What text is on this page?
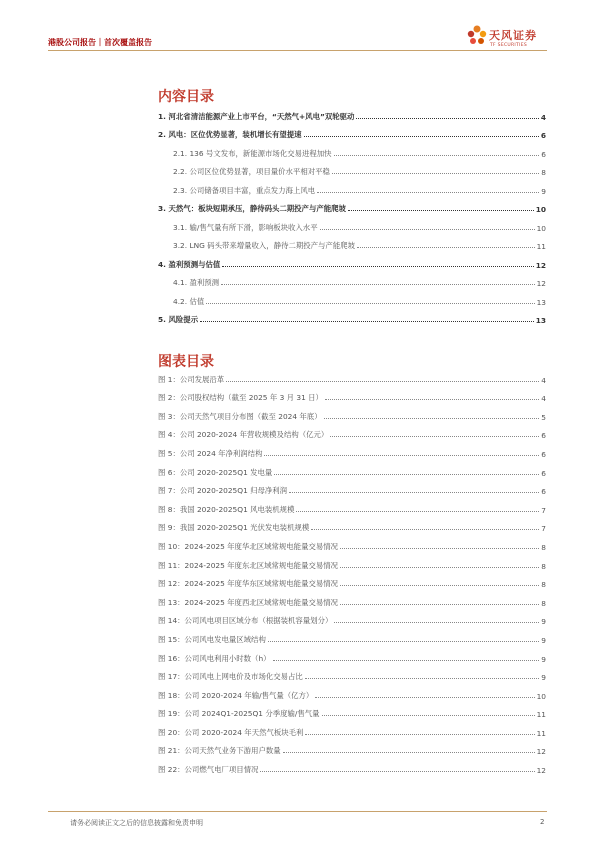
港股公司报告｜首次覆盖报告
天风证券
TF SECURITIES
内容目录
1. 河北省清洁能源产业上市平台，“天然气+风电”双轮驱动	4
2. 风电：区位优势显著，装机增长有望提速	6
2.1. 136 号文发布，新能源市场化交易进程加快	6
2.2. 公司区位优势显著，项目量价水平相对平稳	8
2.3. 公司储备项目丰富，重点发力海上风电	9
3. 天然气：板块短期承压，静待码头二期投产与产能爬坡	10
3.1. 输/售气量有所下滑，影响板块收入水平	10
3.2. LNG 码头带来增量收入，静待二期投产与产能爬坡	11
4. 盈利预测与估值	12
4.1. 盈利预测	12
4.2. 估值	13
5. 风险提示	13
图表目录
图 1：公司发展沿革	4
图 2：公司股权结构（截至 2025 年 3 月 31 日）	4
图 3：公司天然气项目分布图（截至 2024 年底）	5
图 4：公司 2020-2024 年营收规模及结构（亿元）	6
图 5：公司 2024 年净利润结构	6
图 6：公司 2020-2025Q1 发电量	6
图 7：公司 2020-2025Q1 归母净利润	6
图 8：我国 2020-2025Q1 风电装机规模	7
图 9：我国 2020-2025Q1 光伏发电装机规模	7
图 10：2024-2025 年度华北区域常规电能量交易情况	8
图 11：2024-2025 年度东北区域常规电能量交易情况	8
图 12：2024-2025 年度华东区域常规电能量交易情况	8
图 13：2024-2025 年度西北区域常规电能量交易情况	8
图 14：公司风电项目区域分布（根据装机容量划分）	9
图 15：公司风电发电量区域结构	9
图 16：公司风电利用小时数（h）	9
图 17：公司风电上网电价及市场化交易占比	9
图 18：公司 2020-2024 年输/售气量（亿方）	10
图 19：公司 2024Q1-2025Q1 分季度输/售气量	11
图 20：公司 2020-2024 年天然气板块毛利	11
图 21：公司天然气业务下游用户数量	12
图 22：公司燃气电厂项目情况	12
请务必阅读正文之后的信息披露和免责申明	2
